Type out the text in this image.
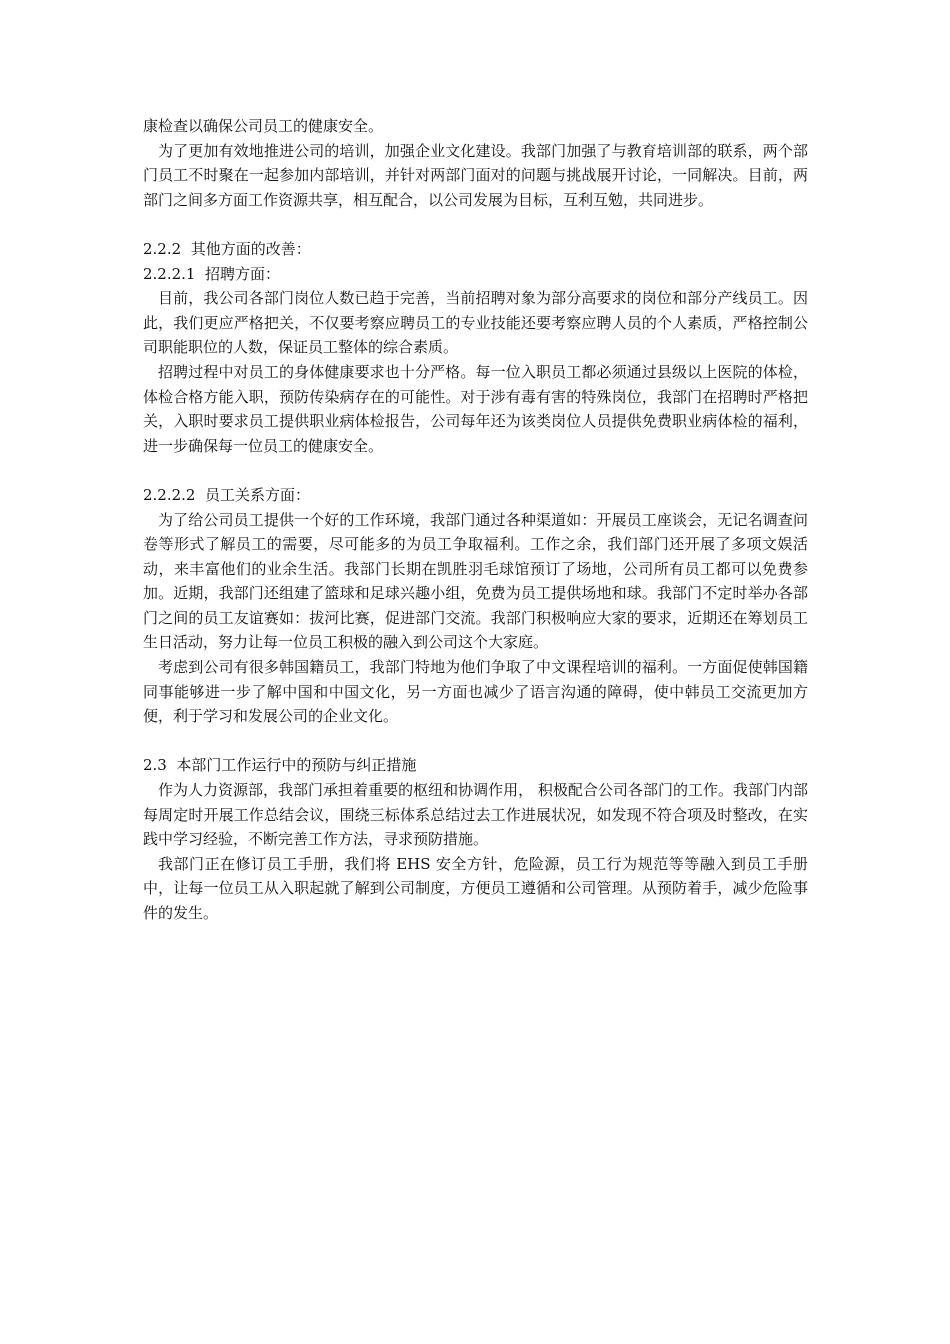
康检查以确保公司员工的健康安全。

为了更加有效地推进公司的培训，加强企业文化建设。我部门加强了与教育培训部的联系，两个部门员工不时聚在一起参加内部培训，并针对两部门面对的问题与挑战展开讨论，一同解决。目前，两部门之间多方面工作资源共享，相互配合，以公司发展为目标，互利互勉，共同进步。

2.2.2  其他方面的改善：

2.2.2.1  招聘方面：

目前，我公司各部门岗位人数已趋于完善，当前招聘对象为部分高要求的岗位和部分产线员工。因此，我们更应严格把关，不仅要考察应聘员工的专业技能还要考察应聘人员的个人素质，严格控制公司职能职位的人数，保证员工整体的综合素质。

招聘过程中对员工的身体健康要求也十分严格。每一位入职员工都必须通过县级以上医院的体检，体检合格方能入职，预防传染病存在的可能性。对于涉有毒有害的特殊岗位，我部门在招聘时严格把关，入职时要求员工提供职业病体检报告，公司每年还为该类岗位人员提供免费职业病体检的福利，进一步确保每一位员工的健康安全。

2.2.2.2  员工关系方面：

为了给公司员工提供一个好的工作环境，我部门通过各种渠道如：开展员工座谈会，无记名调查问卷等形式了解员工的需要，尽可能多的为员工争取福利。工作之余，我们部门还开展了多项文娱活动，来丰富他们的业余生活。我部门长期在凯胜羽毛球馆预订了场地，公司所有员工都可以免费参加。近期，我部门还组建了篮球和足球兴趣小组，免费为员工提供场地和球。我部门不定时举办各部门之间的员工友谊赛如：拔河比赛，促进部门交流。我部门积极响应大家的要求，近期还在筹划员工生日活动，努力让每一位员工积极的融入到公司这个大家庭。

考虑到公司有很多韩国籍员工，我部门特地为他们争取了中文课程培训的福利。一方面促使韩国籍同事能够进一步了解中国和中国文化，另一方面也减少了语言沟通的障碍，使中韩员工交流更加方便，利于学习和发展公司的企业文化。

2.3  本部门工作运行中的预防与纠正措施

作为人力资源部，我部门承担着重要的枢纽和协调作用， 积极配合公司各部门的工作。我部门内部每周定时开展工作总结会议，围绕三标体系总结过去工作进展状况，如发现不符合项及时整改，在实践中学习经验，不断完善工作方法，寻求预防措施。

我部门正在修订员工手册，我们将 EHS 安全方针，危险源，员工行为规范等等融入到员工手册中，让每一位员工从入职起就了解到公司制度，方便员工遵循和公司管理。从预防着手，减少危险事件的发生。
